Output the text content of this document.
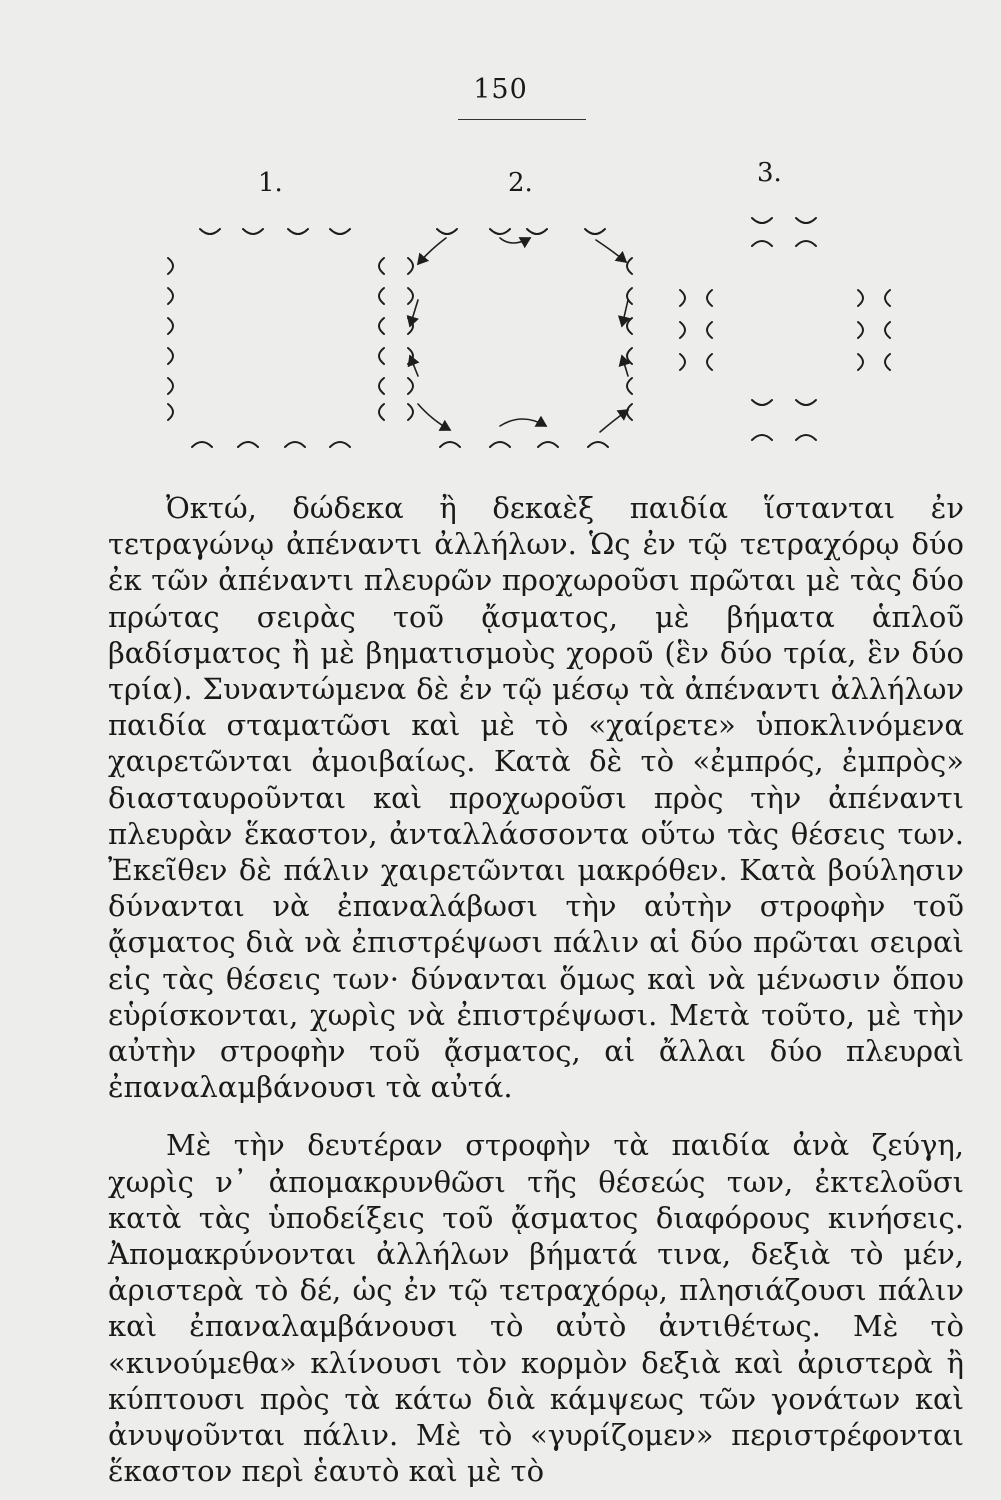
150
1.	2.	3.

Ὀκτώ, δώδεκα ἢ δεκαὲξ παιδία ἵστανται ἐν τετραγώνῳ ἀπέναντι ἀλλήλων. Ὡς ἐν τῷ τετραχόρῳ δύο ἐκ τῶν ἀπέναντι πλευρῶν προχωροῦσι πρῶται μὲ τὰς δύο πρώτας σειρὰς τοῦ ᾄσματος, μὲ βήματα ἁπλοῦ βαδίσματος ἢ μὲ βηματισμοὺς χοροῦ (ἓν δύο τρία, ἓν δύο τρία). Συναντώμενα δὲ ἐν τῷ μέσῳ τὰ ἀπέναντι ἀλλήλων παιδία σταματῶσι καὶ μὲ τὸ «χαίρετε» ὑποκλινόμενα χαιρετῶνται ἀμοιβαίως. Κατὰ δὲ τὸ «ἐμπρός, ἐμπρὸς» διασταυροῦνται καὶ προχωροῦσι πρὸς τὴν ἀπέναντι πλευρὰν ἕκαστον, ἀνταλλάσσοντα οὕτω τὰς θέσεις των. Ἐκεῖθεν δὲ πάλιν χαιρετῶνται μακρόθεν. Κατὰ βούλησιν δύνανται νὰ ἐπαναλάβωσι τὴν αὐτὴν στροφὴν τοῦ ᾄσματος διὰ νὰ ἐπιστρέψωσι πάλιν αἱ δύο πρῶται σειραὶ εἰς τὰς θέσεις των· δύνανται ὅμως καὶ νὰ μένωσιν ὅπου εὑρίσκονται, χωρὶς νὰ ἐπιστρέψωσι. Μετὰ τοῦτο, μὲ τὴν αὐτὴν στροφὴν τοῦ ᾄσματος, αἱ ἄλλαι δύο πλευραὶ ἐπαναλαμβάνουσι τὰ αὐτά.

Μὲ τὴν δευτέραν στροφὴν τὰ παιδία ἀνὰ ζεύγη, χωρὶς ν᾽ ἀπομακρυνθῶσι τῆς θέσεώς των, ἐκτελοῦσι κατὰ τὰς ὑποδείξεις τοῦ ᾄσματος διαφόρους κινήσεις. Ἀπομακρύνονται ἀλλήλων βήματά τινα, δεξιὰ τὸ μέν, ἀριστερὰ τὸ δέ, ὡς ἐν τῷ τετραχόρῳ, πλησιάζουσι πάλιν καὶ ἐπαναλαμβάνουσι τὸ αὐτὸ ἀντιθέτως. Μὲ τὸ «κινούμεθα» κλίνουσι τὸν κορμὸν δεξιὰ καὶ ἀριστερὰ ἢ κύπτουσι πρὸς τὰ κάτω διὰ κάμψεως τῶν γονάτων καὶ ἀνυψοῦνται πάλιν. Μὲ τὸ «γυρίζομεν» περιστρέφονται ἕκαστον περὶ ἑαυτὸ καὶ μὲ τὸ
